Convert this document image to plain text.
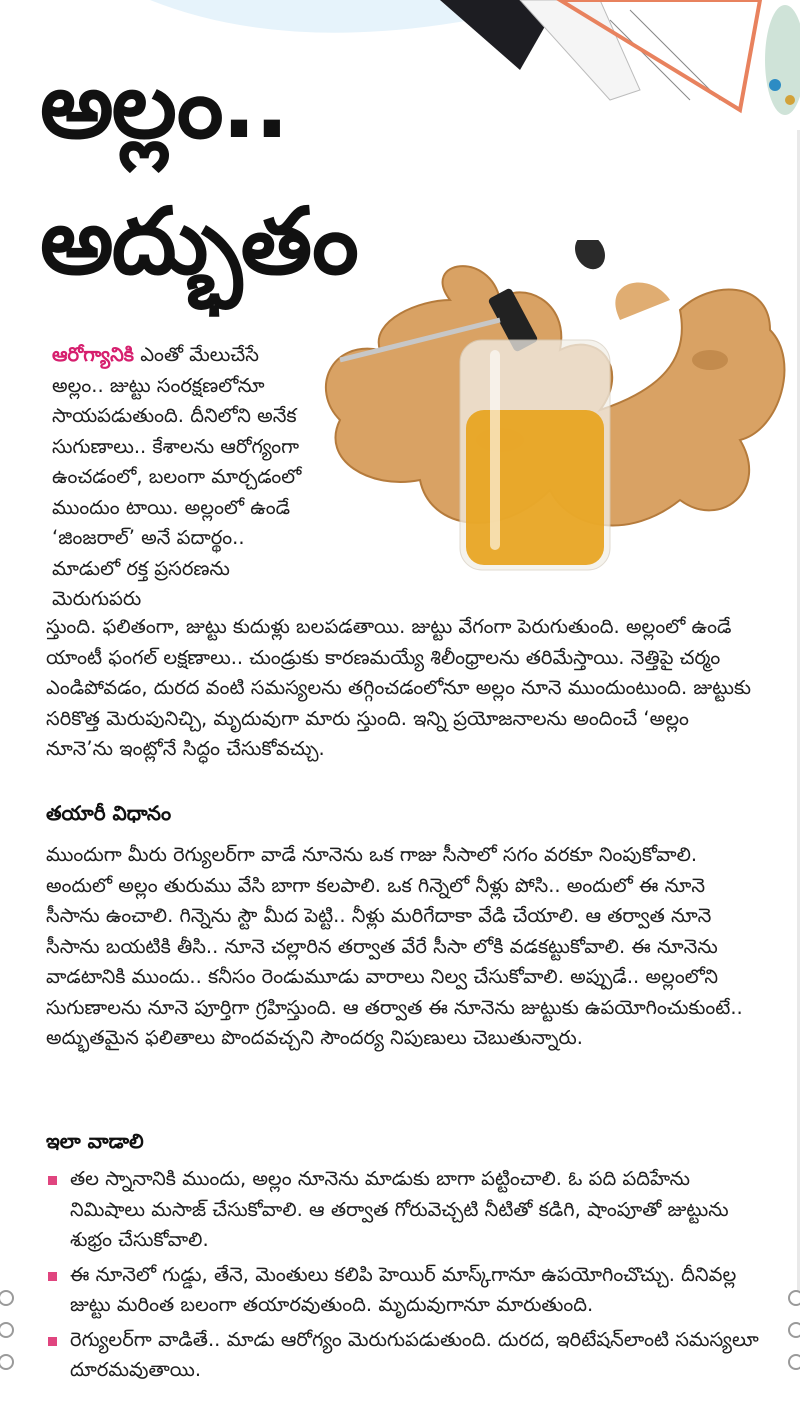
అల్లం..
అద్భుతం

ఆరోగ్యానికి ఎంతో మేలుచేసే అల్లం.. జుట్టు సంరక్షణలోనూ సాయపడుతుంది. దీనిలోని అనేక సుగుణాలు.. కేశాలను ఆరోగ్యంగా ఉంచడంలో, బలంగా మార్చడంలో ముందుం టాయి. అల్లంలో ఉండే ‘జింజరాల్’ అనే పదార్థం.. మాడులో రక్త ప్రసరణను మెరుగుపరు

స్తుంది. ఫలితంగా, జుట్టు కుదుళ్లు బలపడతాయి. జుట్టు వేగంగా పెరుగుతుంది. అల్లంలో ఉండే యాంటీ ఫంగల్ లక్షణాలు.. చుండ్రుకు కారణమయ్యే శిలీంధ్రాలను తరిమేస్తాయి. నెత్తిపై చర్మం ఎండిపోవడం, దురద వంటి సమస్యలను తగ్గించడంలోనూ అల్లం నూనె ముందుంటుంది. జుట్టుకు సరికొత్త మెరుపునిచ్చి, మృదువుగా మారు స్తుంది. ఇన్ని ప్రయోజనాలను అందించే ‘అల్లం నూనె’ను ఇంట్లోనే సిద్ధం చేసుకోవచ్చు.

తయారీ విధానం

ముందుగా మీరు రెగ్యులర్‌గా వాడే నూనెను ఒక గాజు సీసాలో సగం వరకూ నింపుకోవాలి. అందులో అల్లం తురుము వేసి బాగా కలపాలి. ఒక గిన్నెలో నీళ్లు పోసి.. అందులో ఈ నూనె సీసాను ఉంచాలి. గిన్నెను స్టౌ మీద పెట్టి.. నీళ్లు మరిగేదాకా వేడి చేయాలి. ఆ తర్వాత నూనె సీసాను బయటికి తీసి.. నూనె చల్లారిన తర్వాత వేరే సీసా లోకి వడకట్టుకోవాలి. ఈ నూనెను వాడటానికి ముందు.. కనీసం రెండుమూడు వారాలు నిల్వ చేసుకోవాలి. అప్పుడే.. అల్లంలోని సుగుణాలను నూనె పూర్తిగా గ్రహిస్తుంది. ఆ తర్వాత ఈ నూనెను జుట్టుకు ఉపయోగించుకుంటే.. అద్భుతమైన ఫలితాలు పొందవచ్చని సౌందర్య నిపుణులు చెబుతున్నారు.

ఇలా వాడాలి
తల స్నానానికి ముందు, అల్లం నూనెను మాడుకు బాగా పట్టించాలి. ఓ పది పదిహేను నిమిషాలు మసాజ్ చేసుకోవాలి. ఆ తర్వాత గోరువెచ్చటి నీటితో కడిగి, షాంపూతో జుట్టును శుభ్రం చేసుకోవాలి.
ఈ నూనెలో గుడ్డు, తేనె, మెంతులు కలిపి హెయిర్ మాస్క్‌గానూ ఉపయోగించొచ్చు. దీనివల్ల జుట్టు మరింత బలంగా తయారవుతుంది. మృదువుగానూ మారుతుంది.
రెగ్యులర్‌గా వాడితే.. మాడు ఆరోగ్యం మెరుగుపడుతుంది. దురద, ఇరిటేషన్‌లాంటి సమస్యలూ దూరమవుతాయి.
